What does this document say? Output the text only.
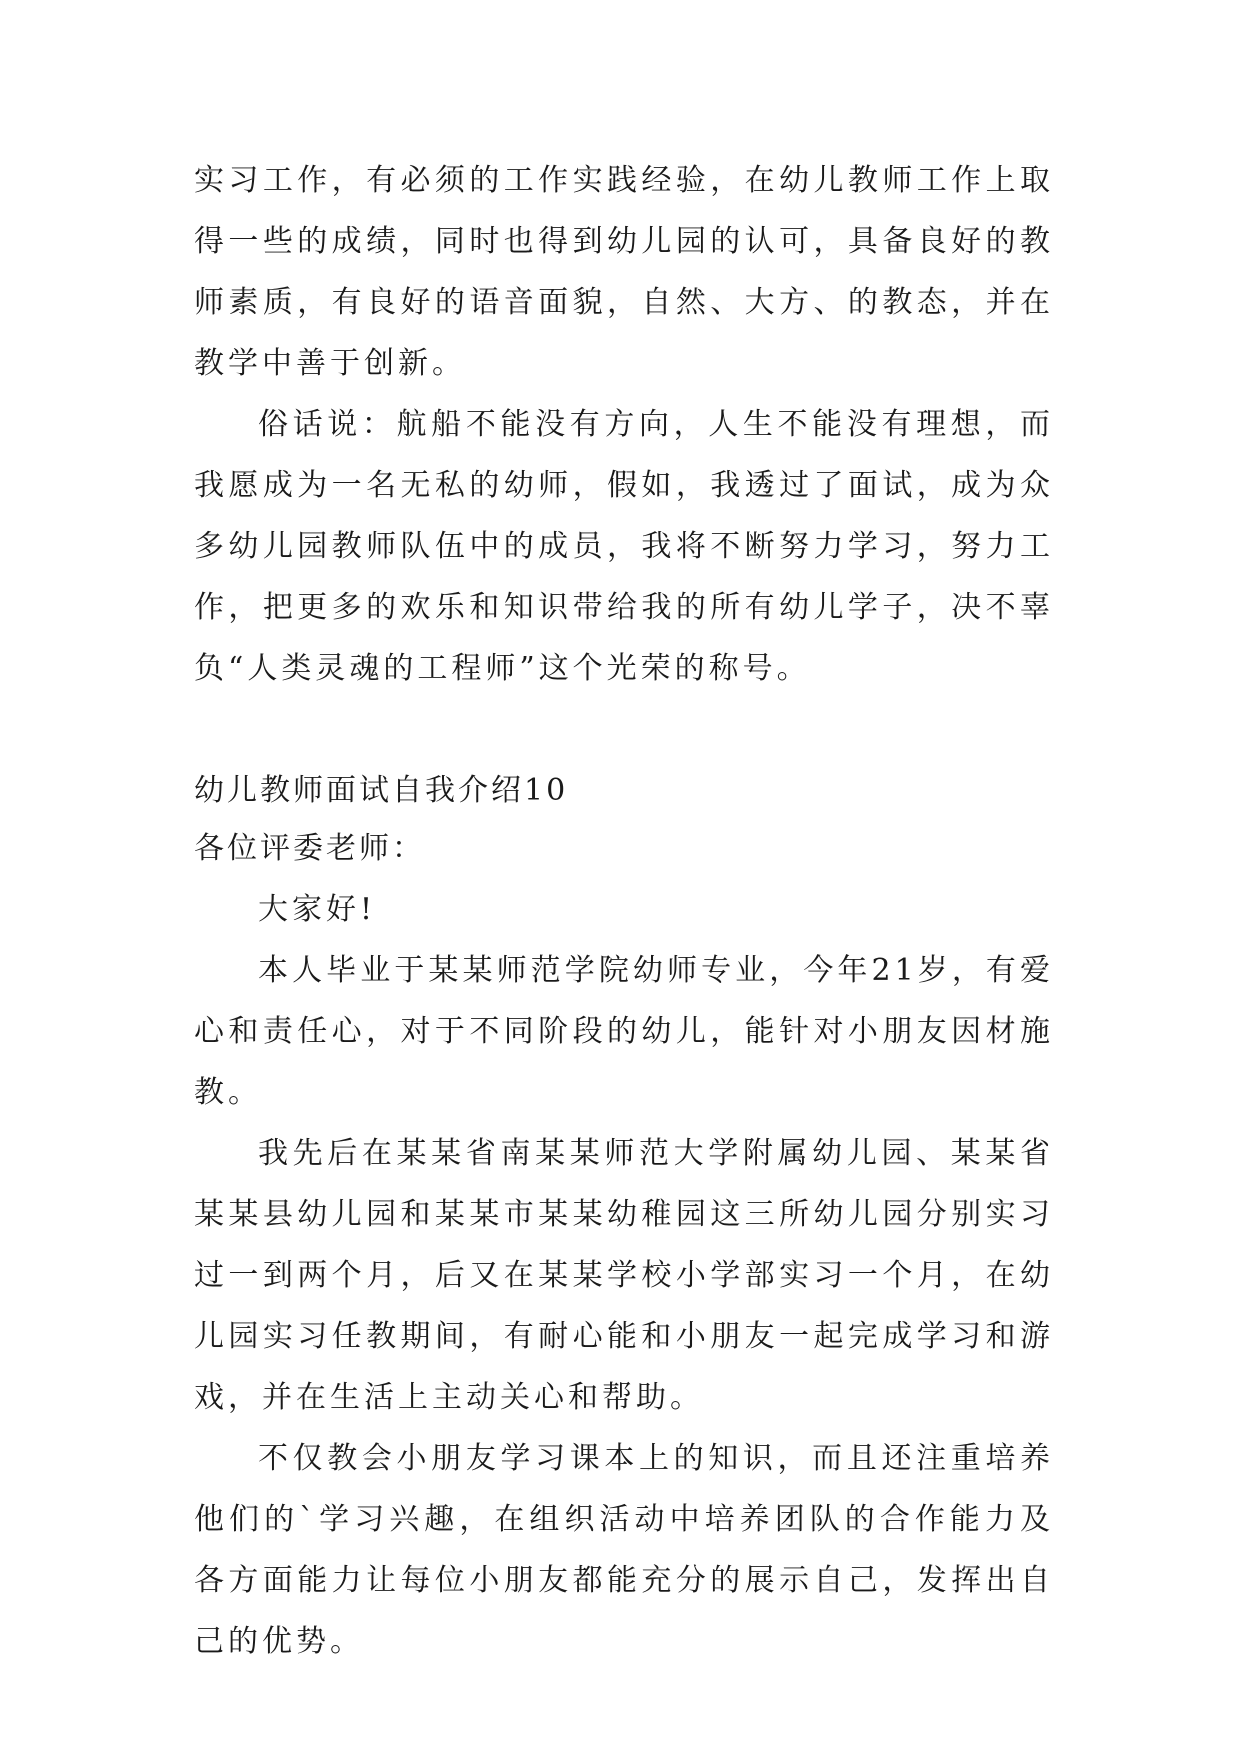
实习工作，有必须的工作实践经验，在幼儿教师工作上取得一些的成绩，同时也得到幼儿园的认可，具备良好的教师素质，有良好的语音面貌，自然、大方、的教态，并在教学中善于创新。

俗话说：航船不能没有方向，人生不能没有理想，而我愿成为一名无私的幼师，假如，我透过了面试，成为众多幼儿园教师队伍中的成员，我将不断努力学习，努力工作，把更多的欢乐和知识带给我的所有幼儿学子，决不辜负“人类灵魂的工程师”这个光荣的称号。

幼儿教师面试自我介绍10

各位评委老师：

大家好!

本人毕业于某某师范学院幼师专业，今年21岁，有爱心和责任心，对于不同阶段的幼儿，能针对小朋友因材施教。

我先后在某某省南某某师范大学附属幼儿园、某某省某某县幼儿园和某某市某某幼稚园这三所幼儿园分别实习过一到两个月，后又在某某学校小学部实习一个月，在幼儿园实习任教期间，有耐心能和小朋友一起完成学习和游戏，并在生活上主动关心和帮助。

不仅教会小朋友学习课本上的知识，而且还注重培养他们的`学习兴趣，在组织活动中培养团队的合作能力及各方面能力让每位小朋友都能充分的展示自己，发挥出自己的优势。
